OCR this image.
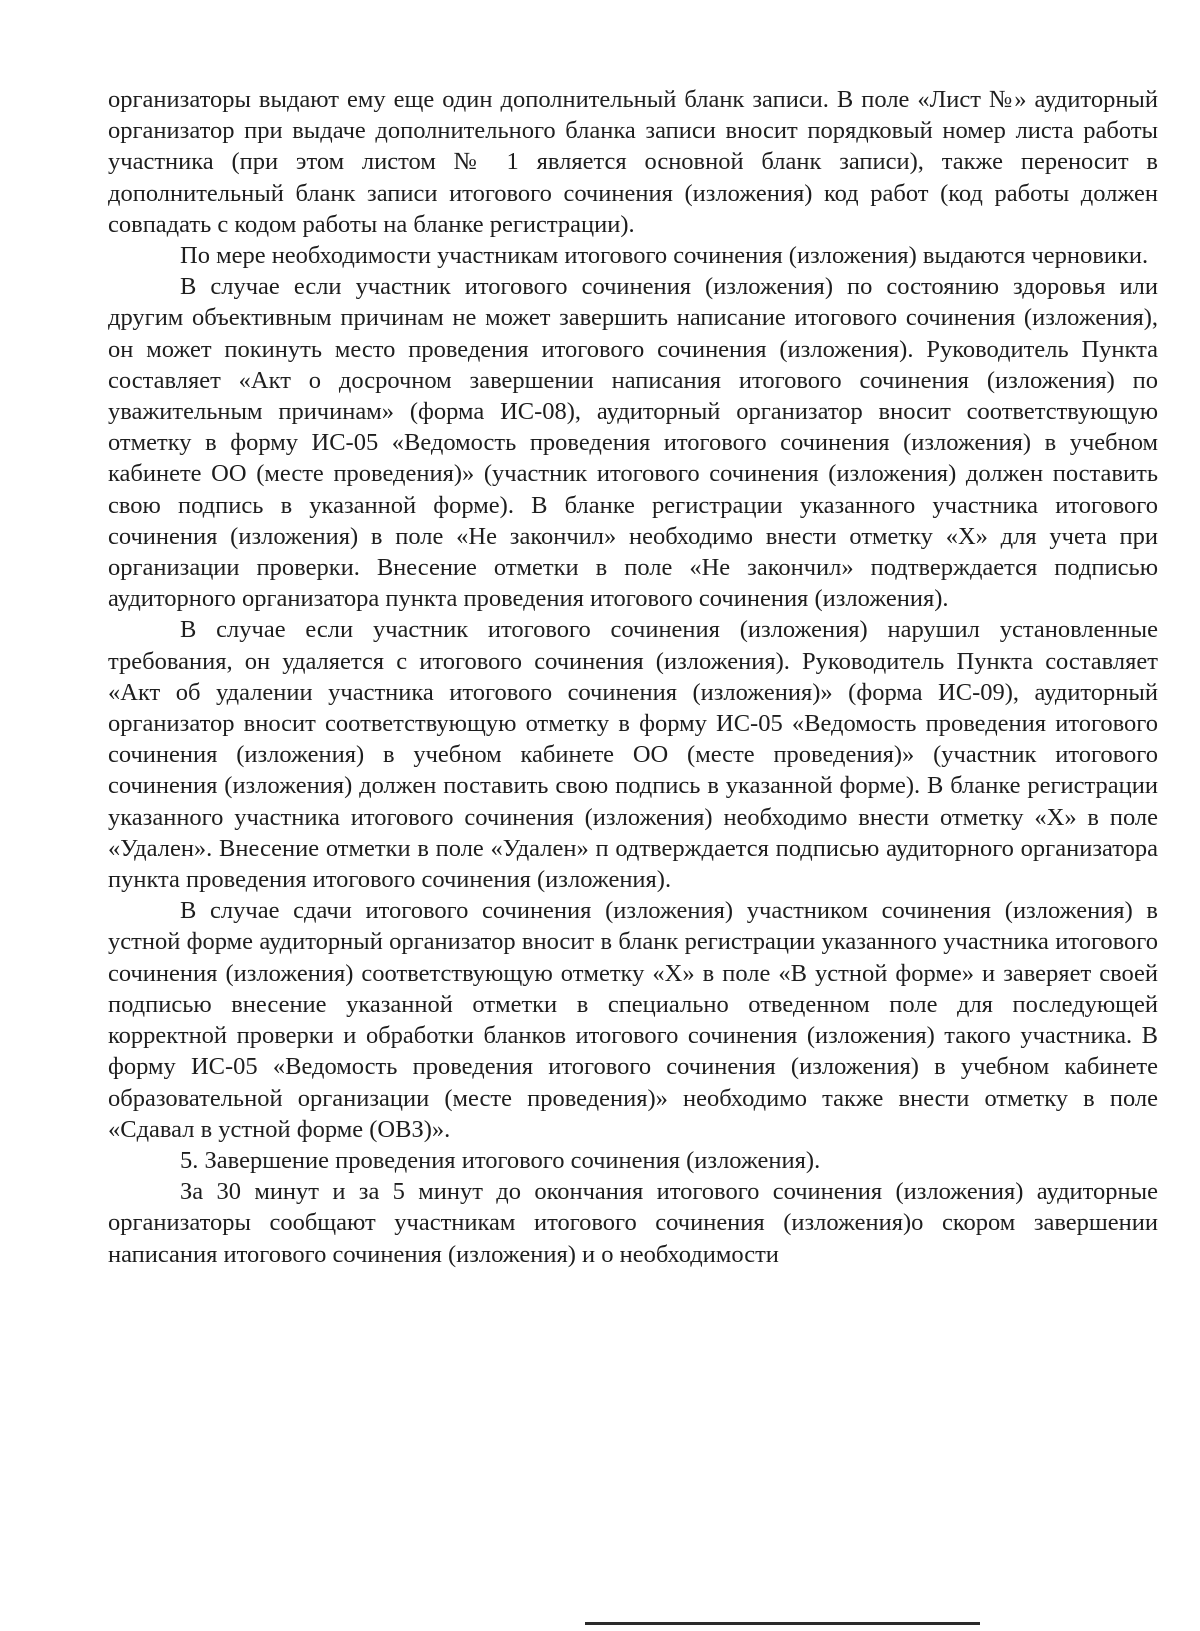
организаторы выдают ему еще один дополнительный бланк записи. В поле «Лист №» аудиторный организатор при выдаче дополнительного бланка записи вносит порядковый номер листа работы участника (при этом листом № 1 является основной бланк записи), также переносит в дополнительный бланк записи итогового сочинения (изложения) код работ (код работы должен совпадать с кодом работы на бланке регистрации).

По мере необходимости участникам итогового сочинения (изложения) выдаются черновики.

В случае если участник итогового сочинения (изложения) по состоянию здоровья или другим объективным причинам не может завершить написание итогового сочинения (изложения), он может покинуть место проведения итогового сочинения (изложения). Руководитель Пункта составляет «Акт о досрочном завершении написания итогового сочинения (изложения) по уважительным причинам» (форма ИС-08), аудиторный организатор вносит соответствующую отметку в форму ИС-05 «Ведомость проведения итогового сочинения (изложения) в учебном кабинете ОО (месте проведения)» (участник итогового сочинения (изложения) должен поставить свою подпись в указанной форме). В бланке регистрации указанного участника итогового сочинения (изложения) в поле «Не закончил» необходимо внести отметку «Х» для учета при организации проверки. Внесение отметки в поле «Не закончил» подтверждается подписью аудиторного организатора пункта проведения итогового сочинения (изложения).

В случае если участник итогового сочинения (изложения) нарушил установленные требования, он удаляется с итогового сочинения (изложения). Руководитель Пункта составляет «Акт об удалении участника итогового сочинения (изложения)» (форма ИС-09), аудиторный организатор вносит соответствующую отметку в форму ИС-05 «Ведомость проведения итогового сочинения (изложения) в учебном кабинете ОО (месте проведения)» (участник итогового сочинения (изложения) должен поставить свою подпись в указанной форме). В бланке регистрации указанного участника итогового сочинения (изложения) необходимо внести отметку «Х» в поле «Удален». Внесение отметки в поле «Удален» п одтверждается подписью аудиторного организатора пункта проведения итогового сочинения (изложения).

В случае сдачи итогового сочинения (изложения) участником сочинения (изложения) в устной форме аудиторный организатор вносит в бланк регистрации указанного участника итогового сочинения (изложения) соответствующую отметку «Х» в поле «В устной форме» и заверяет своей подписью внесение указанной отметки в специально отведенном поле для последующей корректной проверки и обработки бланков итогового сочинения (изложения) такого участника. В форму ИС-05 «Ведомость проведения итогового сочинения (изложения) в учебном кабинете образовательной организации (месте проведения)» необходимо также внести отметку в поле «Сдавал в устной форме (ОВЗ)».

5. Завершение проведения итогового сочинения (изложения).

За 30 минут и за 5 минут до окончания итогового сочинения (изложения) аудиторные организаторы сообщают участникам итогового сочинения (изложения)о скором завершении написания итогового сочинения (изложения) и о необходимости
